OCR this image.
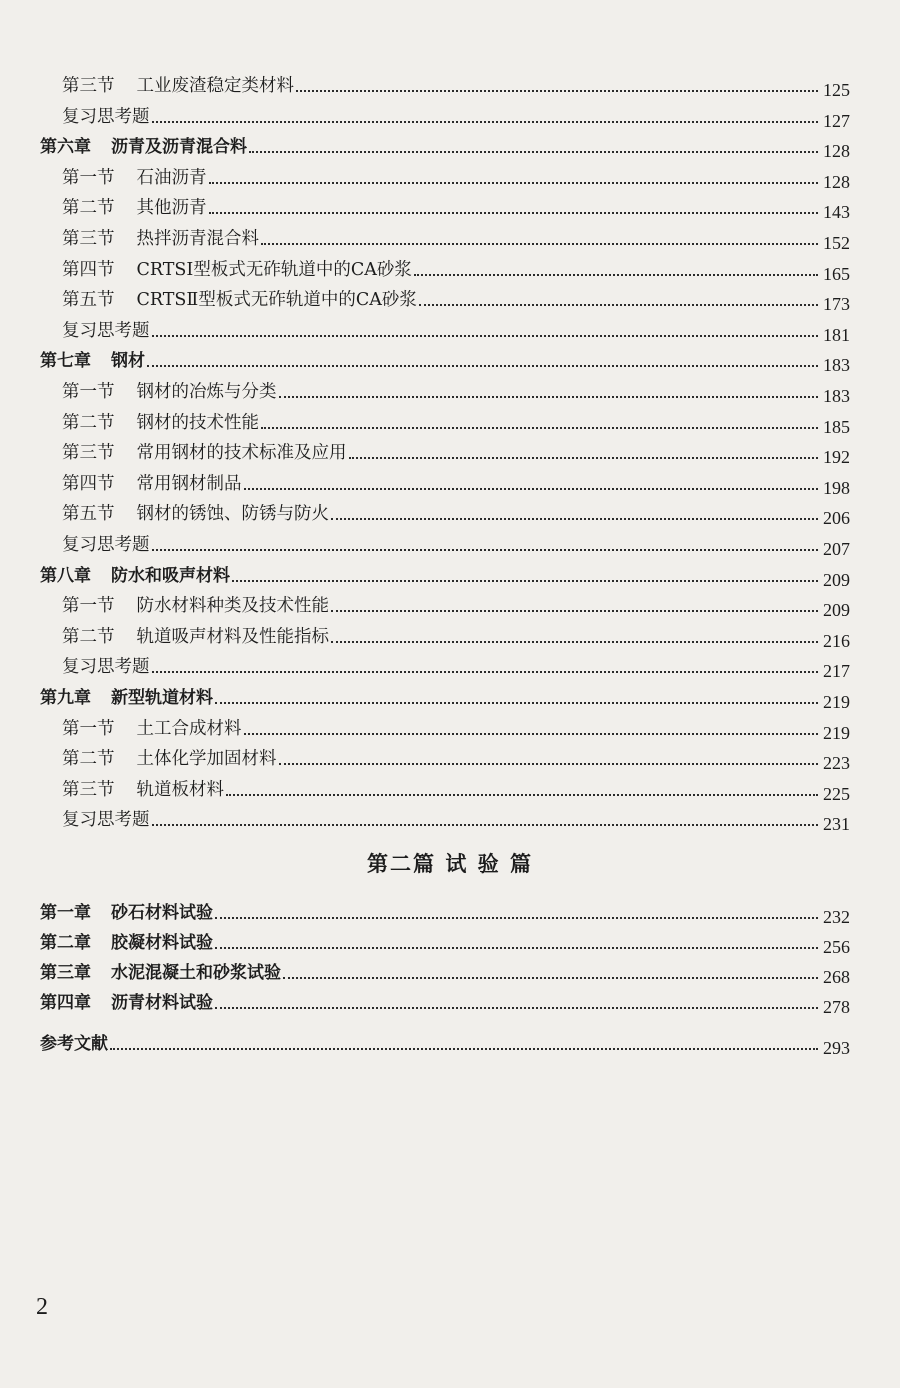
第三节 工业废渣稳定类材料	125
复习思考题	127
第六章 沥青及沥青混合料	128
第一节 石油沥青	128
第二节 其他沥青	143
第三节 热拌沥青混合料	152
第四节 CRTSⅠ型板式无砟轨道中的CA砂浆	165
第五节 CRTSⅡ型板式无砟轨道中的CA砂浆	173
复习思考题	181
第七章 钢材	183
第一节 钢材的冶炼与分类	183
第二节 钢材的技术性能	185
第三节 常用钢材的技术标准及应用	192
第四节 常用钢材制品	198
第五节 钢材的锈蚀、防锈与防火	206
复习思考题	207
第八章 防水和吸声材料	209
第一节 防水材料种类及技术性能	209
第二节 轨道吸声材料及性能指标	216
复习思考题	217
第九章 新型轨道材料	219
第一节 土工合成材料	219
第二节 土体化学加固材料	223
第三节 轨道板材料	225
复习思考题	231
第一章 砂石材料试验	232
第二章 胶凝材料试验	256
第三章 水泥混凝土和砂浆试验	268
第四章 沥青材料试验	278
参考文献	293
第二篇 试 验 篇
2
